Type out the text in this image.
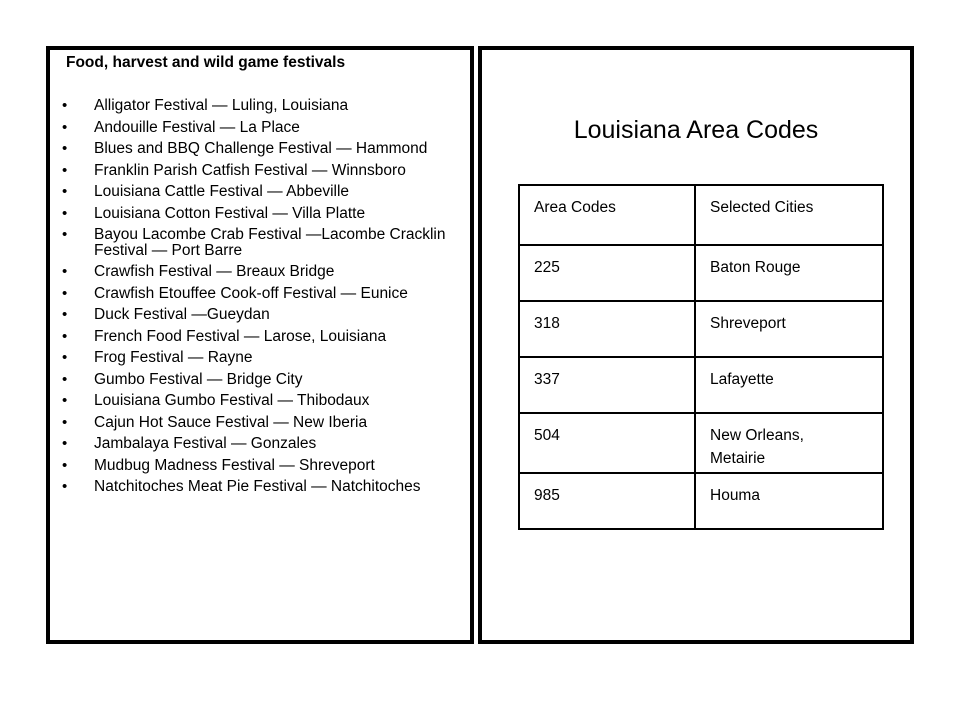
Food, harvest and wild game festivals
• Alligator Festival — Luling, Louisiana
• Andouille Festival — La Place
• Blues and BBQ Challenge Festival — Hammond
• Franklin Parish Catfish Festival — Winnsboro
• Louisiana Cattle Festival — Abbeville
• Louisiana Cotton Festival — Villa Platte
• Bayou Lacombe Crab Festival —Lacombe Cracklin Festival — Port Barre
• Crawfish Festival — Breaux Bridge
• Crawfish Etouffee Cook-off Festival — Eunice
• Duck Festival —Gueydan
• French Food Festival — Larose, Louisiana
• Frog Festival — Rayne
• Gumbo Festival — Bridge City
• Louisiana Gumbo Festival — Thibodaux
• Cajun Hot Sauce Festival — New Iberia
• Jambalaya Festival — Gonzales
• Mudbug Madness Festival — Shreveport
• Natchitoches Meat Pie Festival — Natchitoches
Louisiana Area Codes
Area Codes	Selected Cities
225	Baton Rouge
318	Shreveport
337	Lafayette
504	New Orleans, Metairie
985	Houma
